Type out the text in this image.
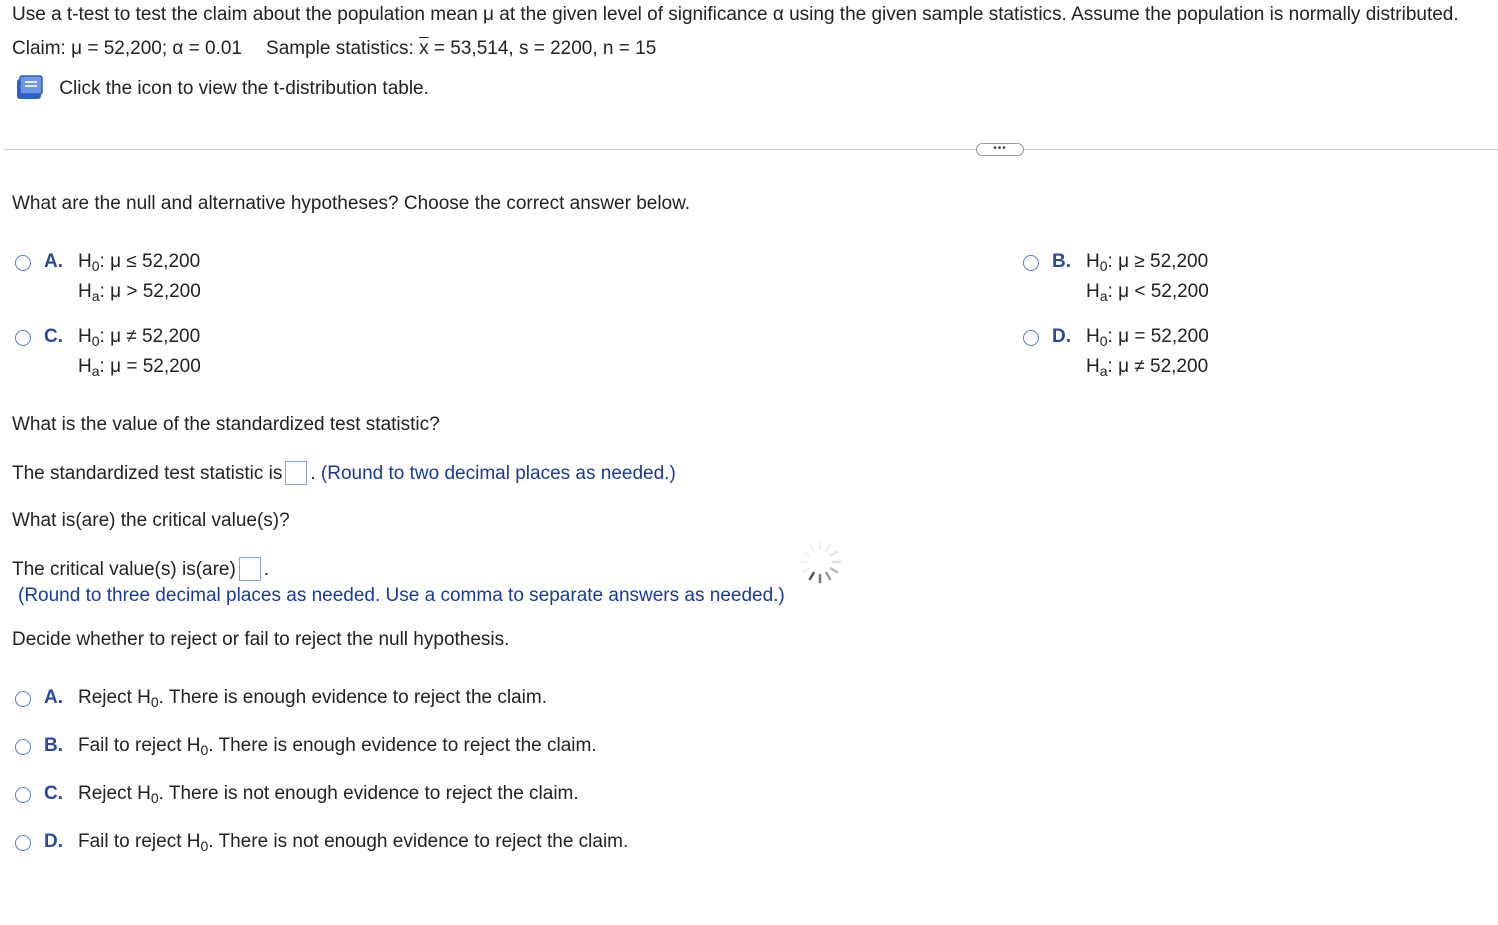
Use a t-test to test the claim about the population mean μ at the given level of significance α using the given sample statistics. Assume the population is normally distributed.
Claim: μ = 52,200; α = 0.01 Sample statistics: $\overline{x} = 53,514$, s = 2200, n = 15
Click the icon to view the t-distribution table.
•••
What are the null and alternative hypotheses? Choose the correct answer below.
A. $H_0$: μ ≤ 52,200
$H_a$: μ > 52,200
B. $H_0$: μ ≥ 52,200
$H_a$: μ < 52,200
C. $H_0$: μ ≠ 52,200
$H_a$: μ = 52,200
D. $H_0$: μ = 52,200
$H_a$: μ ≠ 52,200
What is the value of the standardized test statistic?
The standardized test statistic is . (Round to two decimal places as needed.)
What is(are) the critical value(s)?
The critical value(s) is(are) .
(Round to three decimal places as needed. Use a comma to separate answers as needed.)
Decide whether to reject or fail to reject the null hypothesis.
A. Reject $H_0$. There is enough evidence to reject the claim.
B. Fail to reject $H_0$. There is enough evidence to reject the claim.
C. Reject $H_0$. There is not enough evidence to reject the claim.
D. Fail to reject $H_0$. There is not enough evidence to reject the claim.
